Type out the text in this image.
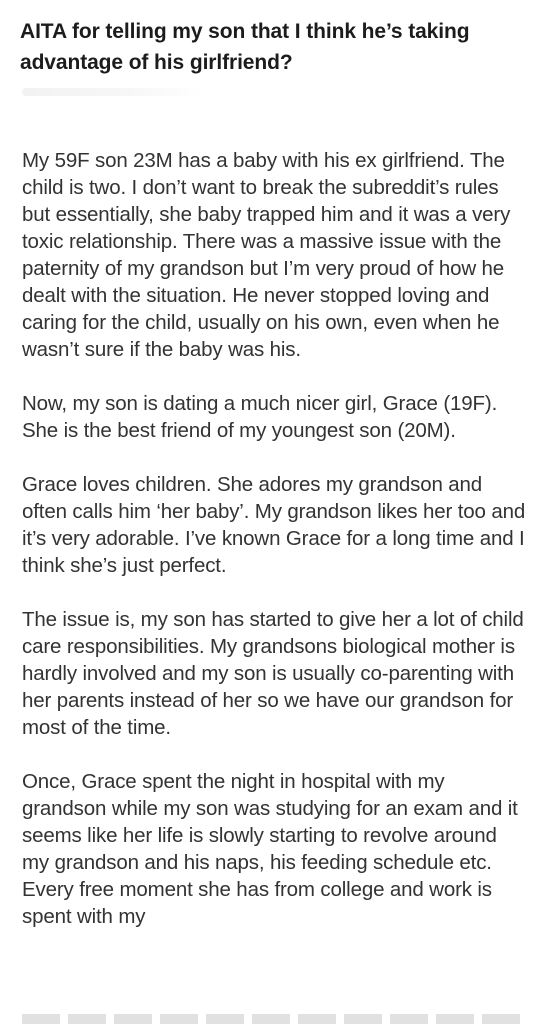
AITA for telling my son that I think he’s taking advantage of his girlfriend?

My 59F son 23M has a baby with his ex girlfriend. The child is two. I don’t want to break the subreddit’s rules but essentially, she baby trapped him and it was a very toxic relationship. There was a massive issue with the paternity of my grandson but I’m very proud of how he dealt with the situation. He never stopped loving and caring for the child, usually on his own, even when he wasn’t sure if the baby was his.

Now, my son is dating a much nicer girl, Grace (19F). She is the best friend of my youngest son (20M).

Grace loves children. She adores my grandson and often calls him ‘her baby’. My grandson likes her too and it’s very adorable. I’ve known Grace for a long time and I think she’s just perfect.

The issue is, my son has started to give her a lot of child care responsibilities. My grandsons biological mother is hardly involved and my son is usually co-parenting with her parents instead of her so we have our grandson for most of the time.

Once, Grace spent the night in hospital with my grandson while my son was studying for an exam and it seems like her life is slowly starting to revolve around my grandson and his naps, his feeding schedule etc. Every free moment she has from college and work is spent with my
